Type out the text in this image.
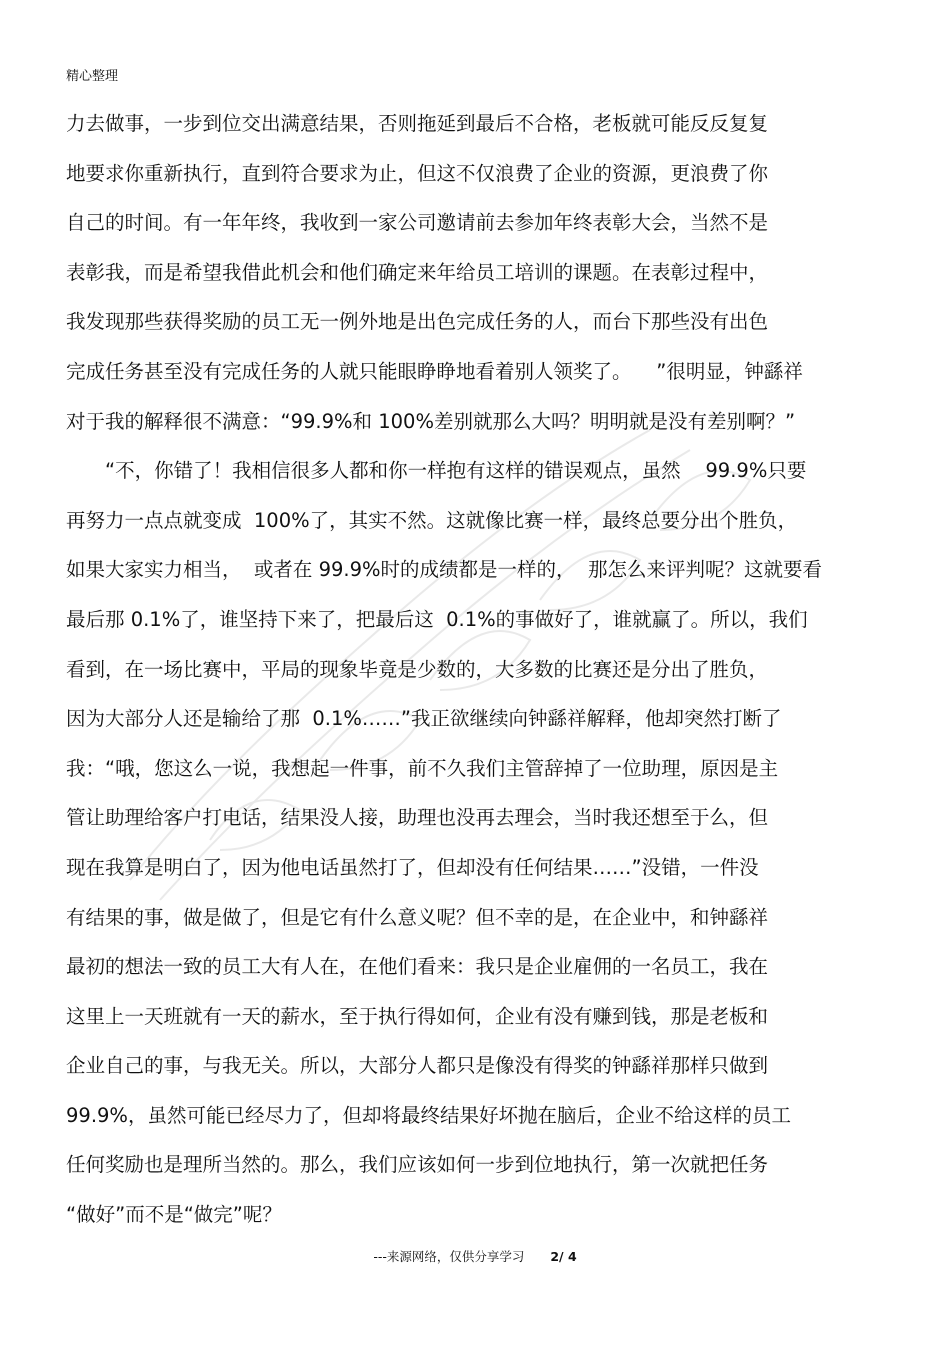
精心整理
力去做事，一步到位交出满意结果，否则拖延到最后不合格，老板就可能反反复复
地要求你重新执行，直到符合要求为止，但这不仅浪费了企业的资源，更浪费了你
自己的时间。有一年年终，我收到一家公司邀请前去参加年终表彰大会，当然不是
表彰我，而是希望我借此机会和他们确定来年给员工培训的课题。在表彰过程中，
我发现那些获得奖励的员工无一例外地是出色完成任务的人，而台下那些没有出色
完成任务甚至没有完成任务的人就只能眼睁睁地看着别人领奖了。    ”很明显，钟繇祥
对于我的解释很不满意：“99.9%和 100%差别就那么大吗？明明就是没有差别啊？”
“不，你错了！我相信很多人都和你一样抱有这样的错误观点，虽然    99.9%只要
再努力一点点就变成  100%了，其实不然。这就像比赛一样，最终总要分出个胜负，
如果大家实力相当，  或者在 99.9%时的成绩都是一样的，  那怎么来评判呢？这就要看
最后那 0.1%了，谁坚持下来了，把最后这  0.1%的事做好了，谁就赢了。所以，我们
看到，在一场比赛中，平局的现象毕竟是少数的，大多数的比赛还是分出了胜负，
因为大部分人还是输给了那  0.1%……”我正欲继续向钟繇祥解释，他却突然打断了
我：“哦，您这么一说，我想起一件事，前不久我们主管辞掉了一位助理，原因是主
管让助理给客户打电话，结果没人接，助理也没再去理会，当时我还想至于么，但
现在我算是明白了，因为他电话虽然打了，但却没有任何结果……”没错，一件没
有结果的事，做是做了，但是它有什么意义呢？但不幸的是，在企业中，和钟繇祥
最初的想法一致的员工大有人在，在他们看来：我只是企业雇佣的一名员工，我在
这里上一天班就有一天的薪水，至于执行得如何，企业有没有赚到钱，那是老板和
企业自己的事，与我无关。所以，大部分人都只是像没有得奖的钟繇祥那样只做到
99.9%，虽然可能已经尽力了，但却将最终结果好坏抛在脑后，企业不给这样的员工
任何奖励也是理所当然的。那么，我们应该如何一步到位地执行，第一次就把任务
“做好”而不是“做完”呢？
---来源网络，仅供分享学习 2/ 4
